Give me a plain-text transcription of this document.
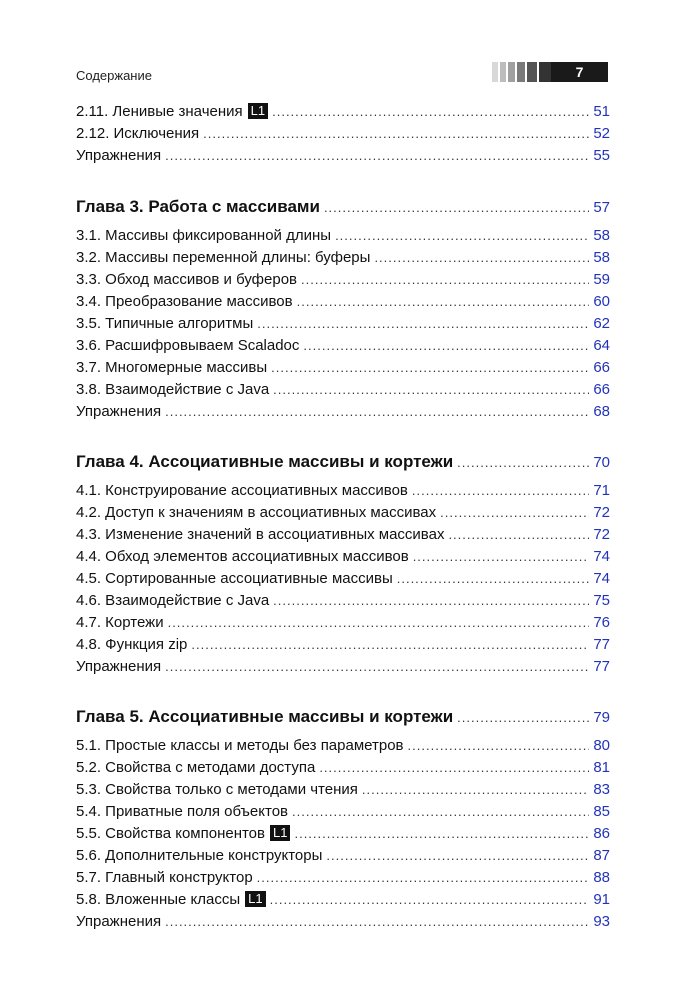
Содержание	7
2.11. Ленивые значения L1 .....	51
2.12. Исключения .....	52
Упражнения .....	55
Глава 3. Работа с массивами .....	57
3.1. Массивы фиксированной длины .....	58
3.2. Массивы переменной длины: буферы .....	58
3.3. Обход массивов и буферов .....	59
3.4. Преобразование массивов .....	60
3.5. Типичные алгоритмы .....	62
3.6. Расшифровываем Scaladoc .....	64
3.7. Многомерные массивы .....	66
3.8. Взаимодействие с Java .....	66
Упражнения .....	68
Глава 4. Ассоциативные массивы и кортежи .....	70
4.1. Конструирование ассоциативных массивов .....	71
4.2. Доступ к значениям в ассоциативных массивах .....	72
4.3. Изменение значений в ассоциативных массивах .....	72
4.4. Обход элементов ассоциативных массивов .....	74
4.5. Сортированные ассоциативные массивы .....	74
4.6. Взаимодействие с Java .....	75
4.7. Кортежи .....	76
4.8. Функция zip .....	77
Упражнения .....	77
Глава 5. Ассоциативные массивы и кортежи .....	79
5.1. Простые классы и методы без параметров .....	80
5.2. Свойства с методами доступа .....	81
5.3. Свойства только с методами чтения .....	83
5.4. Приватные поля объектов .....	85
5.5. Свойства компонентов L1 .....	86
5.6. Дополнительные конструкторы .....	87
5.7. Главный конструктор .....	88
5.8. Вложенные классы L1 .....	91
Упражнения .....	93
